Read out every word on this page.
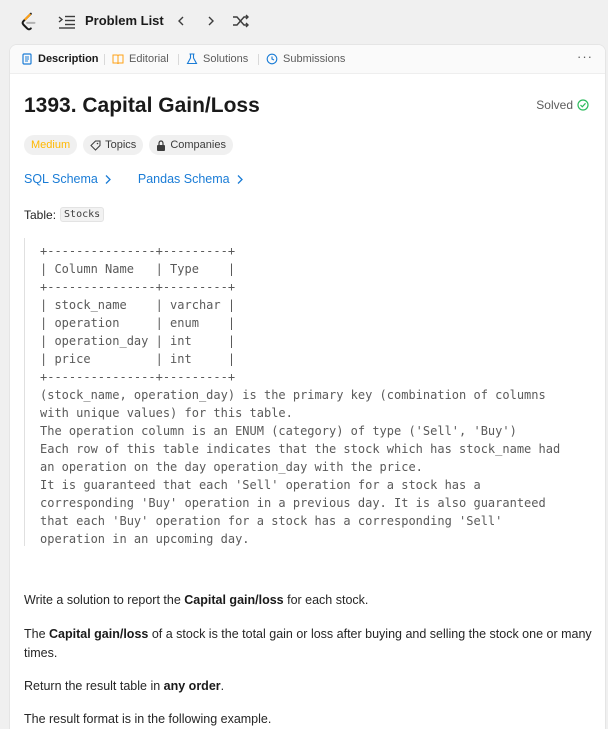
Problem List
Description	Editorial	Solutions	Submissions	···
1393. Capital Gain/Loss	Solved
Medium	Topics	Companies
SQL Schema	Pandas Schema
Table: Stocks
+---------------+---------+
| Column Name   | Type    |
+---------------+---------+
| stock_name    | varchar |
| operation     | enum    |
| operation_day | int     |
| price         | int     |
+---------------+---------+
(stock_name, operation_day) is the primary key (combination of columns
with unique values) for this table.
The operation column is an ENUM (category) of type ('Sell', 'Buy')
Each row of this table indicates that the stock which has stock_name had
an operation on the day operation_day with the price.
It is guaranteed that each 'Sell' operation for a stock has a
corresponding 'Buy' operation in a previous day. It is also guaranteed
that each 'Buy' operation for a stock has a corresponding 'Sell'
operation in an upcoming day.

Write a solution to report the Capital gain/loss for each stock.

The Capital gain/loss of a stock is the total gain or loss after buying and selling the stock one or many times.

Return the result table in any order.

The result format is in the following example.
